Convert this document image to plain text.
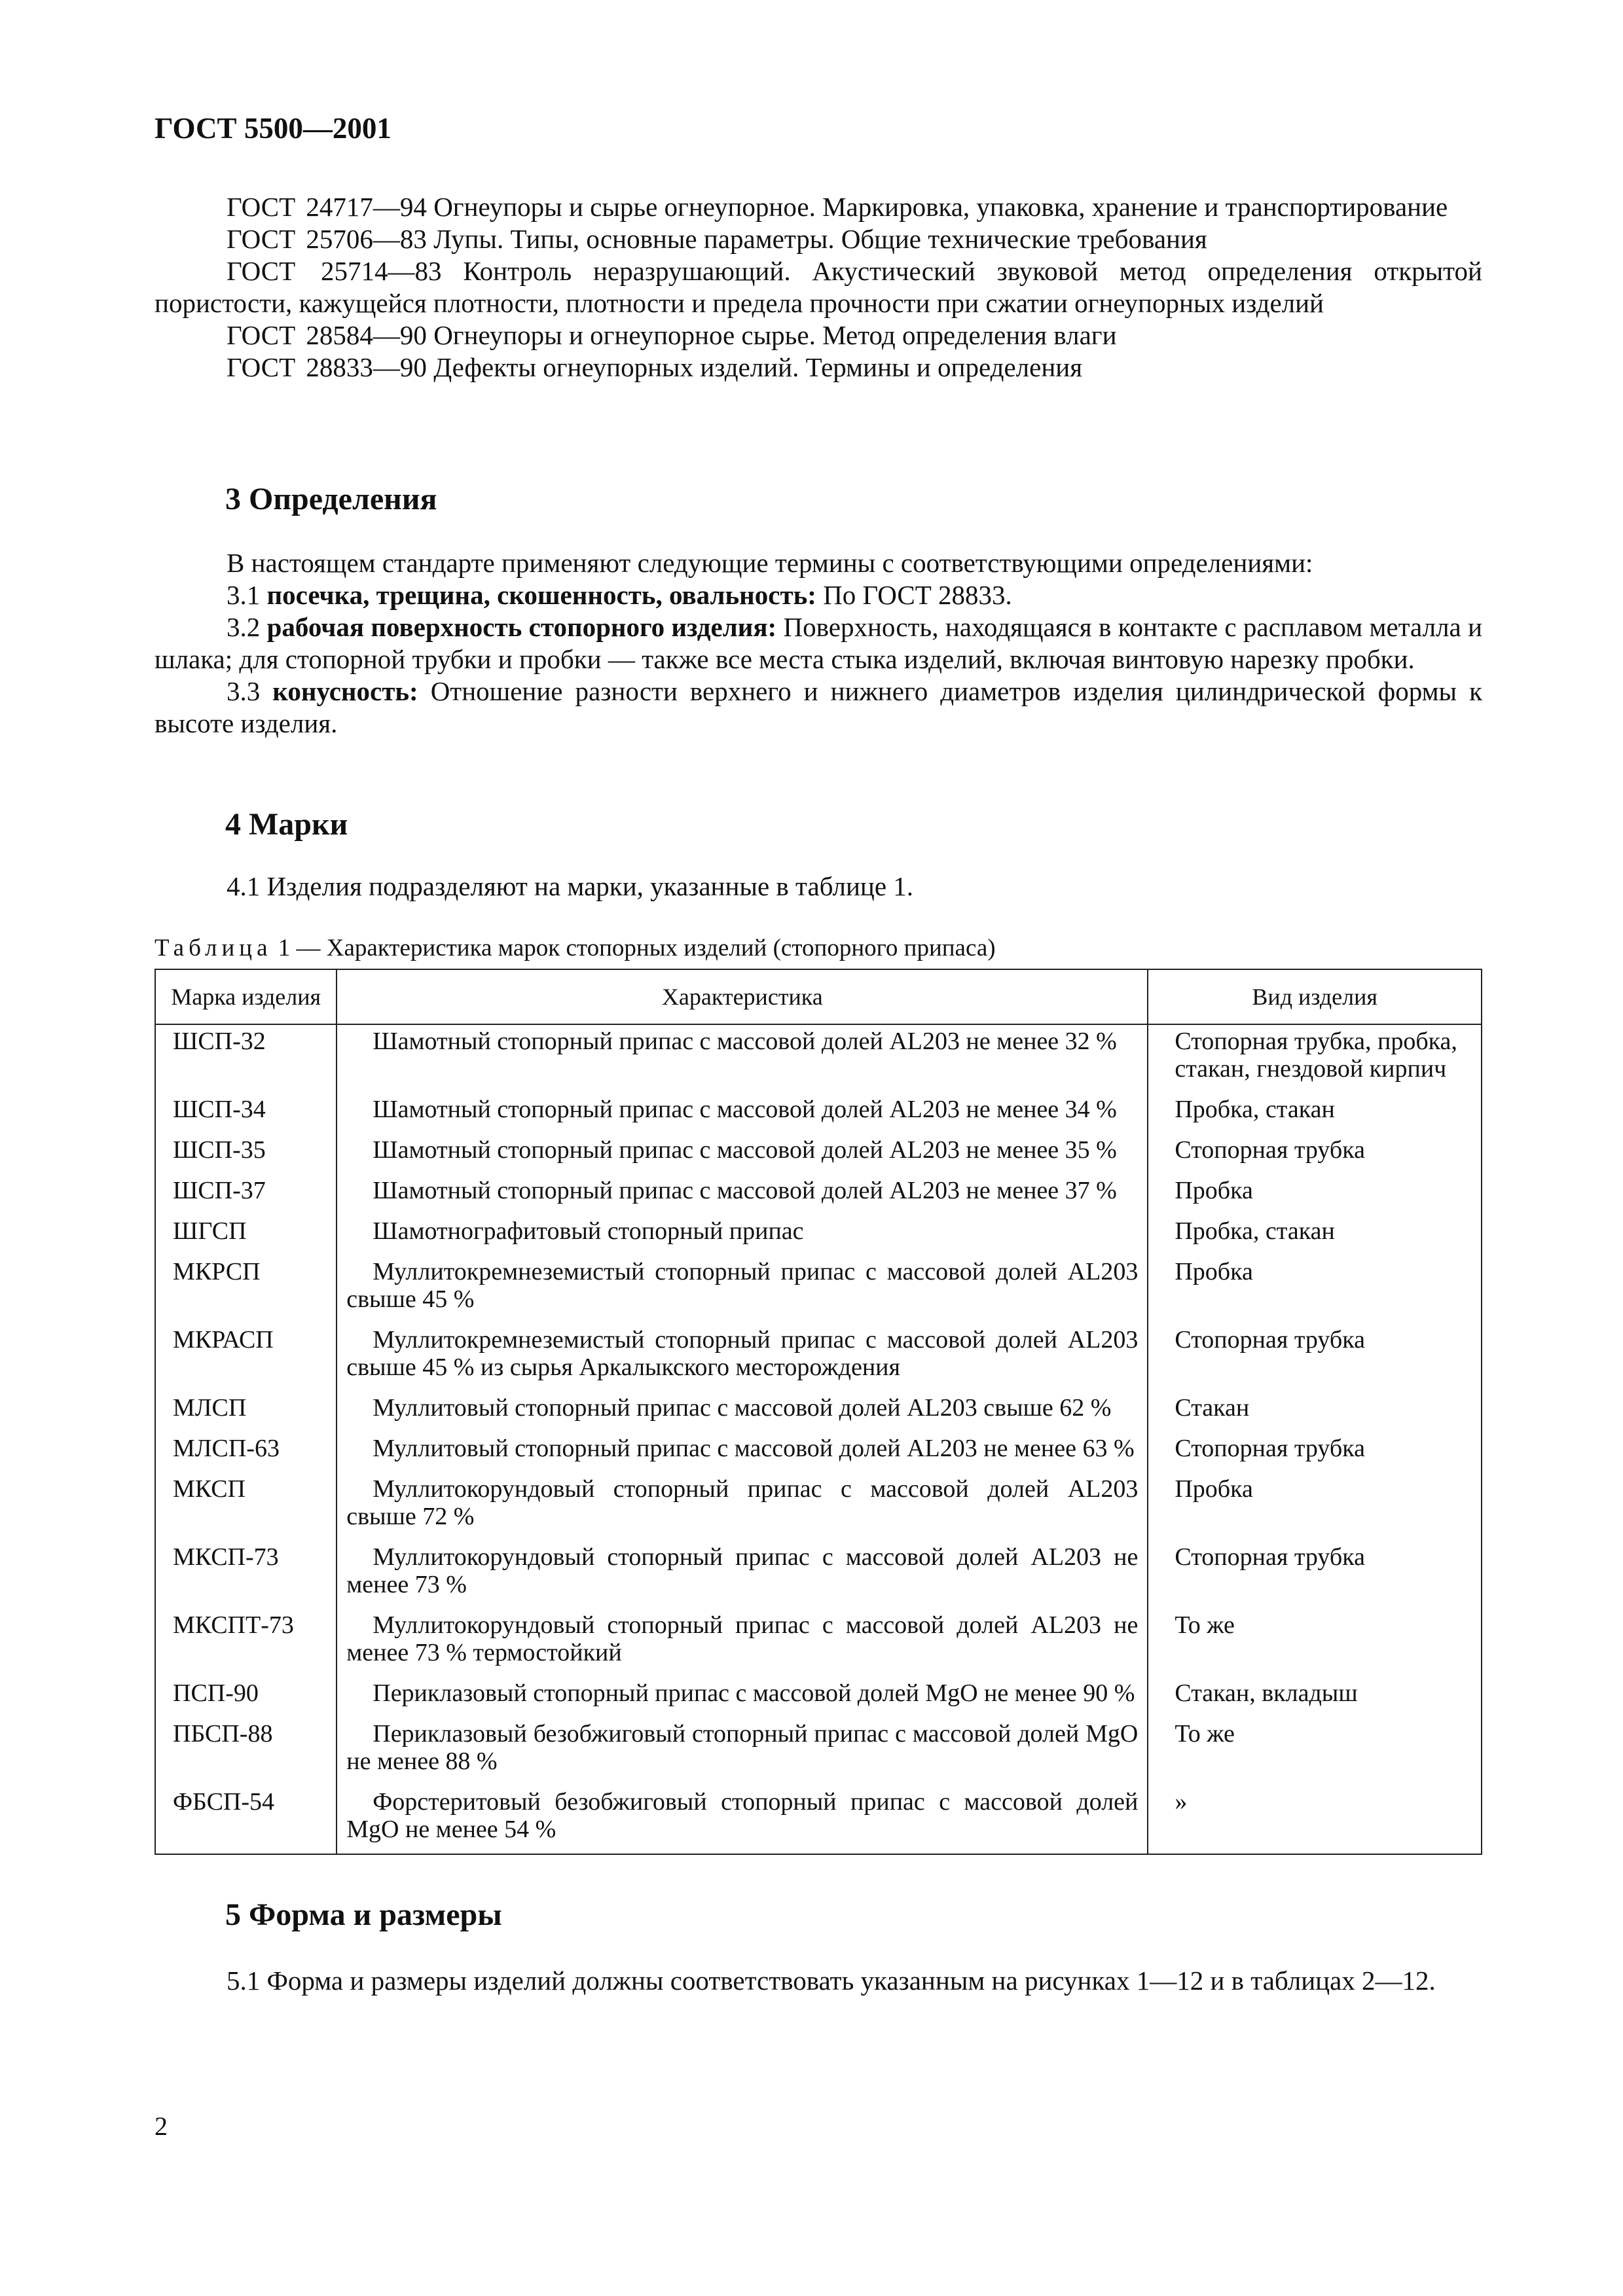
ГОСТ 5500—2001

ГОСТ 24717—94 Огнеупоры и сырье огнеупорное. Маркировка, упаковка, хранение и транспортирование

ГОСТ 25706—83 Лупы. Типы, основные параметры. Общие технические требования

ГОСТ 25714—83 Контроль неразрушающий. Акустический звуковой метод определения открытой пористости, кажущейся плотности, плотности и предела прочности при сжатии огнеупорных изделий

ГОСТ 28584—90 Огнеупоры и огнеупорное сырье. Метод определения влаги

ГОСТ 28833—90 Дефекты огнеупорных изделий. Термины и определения

3 Определения

В настоящем стандарте применяют следующие термины с соответствующими определениями:

3.1 посечка, трещина, скошенность, овальность: По ГОСТ 28833.

3.2 рабочая поверхность стопорного изделия: Поверхность, находящаяся в контакте с расплавом металла и шлака; для стопорной трубки и пробки — также все места стыка изделий, включая винтовую нарезку пробки.

3.3 конусность: Отношение разности верхнего и нижнего диаметров изделия цилиндрической формы к высоте изделия.

4 Марки

4.1 Изделия подразделяют на марки, указанные в таблице 1.

Таблица 1 — Характеристика марок стопорных изделий (стопорного припаса)
Марка изделия	Характеристика	Вид изделия
ШСП-32	Шамотный стопорный припас с массовой долей AL203 не менее 32 %	Стопорная трубка, пробка, стакан, гнездовой кирпич
ШСП-34	Шамотный стопорный припас с массовой долей AL203 не менее 34 %	Пробка, стакан
ШСП-35	Шамотный стопорный припас с массовой долей AL203 не менее 35 %	Стопорная трубка
ШСП-37	Шамотный стопорный припас с массовой долей AL203 не менее 37 %	Пробка
ШГСП	Шамотнографитовый стопорный припас	Пробка, стакан
МКРСП	Муллитокремнеземистый стопорный припас с массовой долей AL203 свыше 45 %	Пробка
МКРАСП	Муллитокремнеземистый стопорный припас с массовой долей AL203 свыше 45 % из сырья Аркалыкского месторождения	Стопорная трубка
МЛСП	Муллитовый стопорный припас с массовой долей AL203 свыше 62 %	Стакан
МЛСП-63	Муллитовый стопорный припас с массовой долей AL203 не менее 63 %	Стопорная трубка
МКСП	Муллитокорундовый стопорный припас с массовой долей AL203 свыше 72 %	Пробка
МКСП-73	Муллитокорундовый стопорный припас с массовой долей AL203 не менее 73 %	Стопорная трубка
МКСПТ-73	Муллитокорундовый стопорный припас с массовой долей AL203 не менее 73 % термостойкий	То же
ПСП-90	Периклазовый стопорный припас с массовой долей MgO не менее 90 %	Стакан, вкладыш
ПБСП-88	Периклазовый безобжиговый стопорный припас с массовой долей MgO не менее 88 %	То же
ФБСП-54	Форстеритовый безобжиговый стопорный припас с массовой долей MgO не менее 54 %	»
5 Форма и размеры

5.1 Форма и размеры изделий должны соответствовать указанным на рисунках 1—12 и в таблицах 2—12.

2
